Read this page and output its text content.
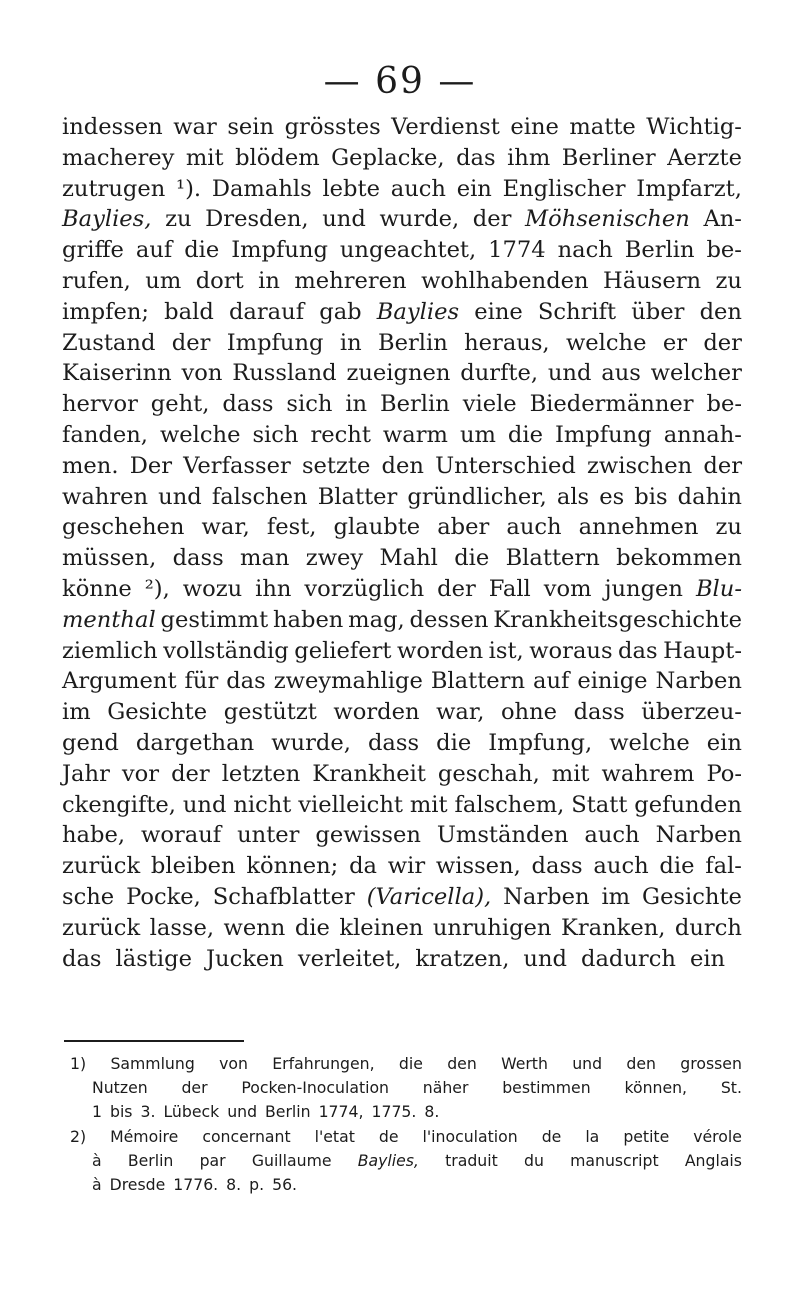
— 69 —
indessen war sein grösstes Verdienst eine matte Wichtig-
macherey mit blödem Geplacke, das ihm Berliner Aerzte
zutrugen ¹). Damahls lebte auch ein Englischer Impfarzt,
Baylies, zu Dresden, und wurde, der Möhsenischen An-
griffe auf die Impfung ungeachtet, 1774 nach Berlin be-
rufen, um dort in mehreren wohlhabenden Häusern zu
impfen; bald darauf gab Baylies eine Schrift über den
Zustand der Impfung in Berlin heraus, welche er der
Kaiserinn von Russland zueignen durfte, und aus welcher
hervor geht, dass sich in Berlin viele Biedermänner be-
fanden, welche sich recht warm um die Impfung annah-
men. Der Verfasser setzte den Unterschied zwischen der
wahren und falschen Blatter gründlicher, als es bis dahin
geschehen war, fest, glaubte aber auch annehmen zu
müssen, dass man zwey Mahl die Blattern bekommen
könne ²), wozu ihn vorzüglich der Fall vom jungen Blu-
menthal gestimmt haben mag, dessen Krankheitsgeschichte
ziemlich vollständig geliefert worden ist, woraus das Haupt-
Argument für das zweymahlige Blattern auf einige Narben
im Gesichte gestützt worden war, ohne dass überzeu-
gend dargethan wurde, dass die Impfung, welche ein
Jahr vor der letzten Krankheit geschah, mit wahrem Po-
ckengifte, und nicht vielleicht mit falschem, Statt gefunden
habe, worauf unter gewissen Umständen auch Narben
zurück bleiben können; da wir wissen, dass auch die fal-
sche Pocke, Schafblatter (Varicella), Narben im Gesichte
zurück lasse, wenn die kleinen unruhigen Kranken, durch
das lästige Jucken verleitet, kratzen, und dadurch ein
1) Sammlung von Erfahrungen, die den Werth und den grossen
Nutzen der Pocken-Inoculation näher bestimmen können, St.
1 bis 3. Lübeck und Berlin 1774, 1775. 8.
2) Mémoire concernant l'etat de l'inoculation de la petite vérole
à Berlin par Guillaume Baylies, traduit du manuscript Anglais
à Dresde 1776. 8. p. 56.
